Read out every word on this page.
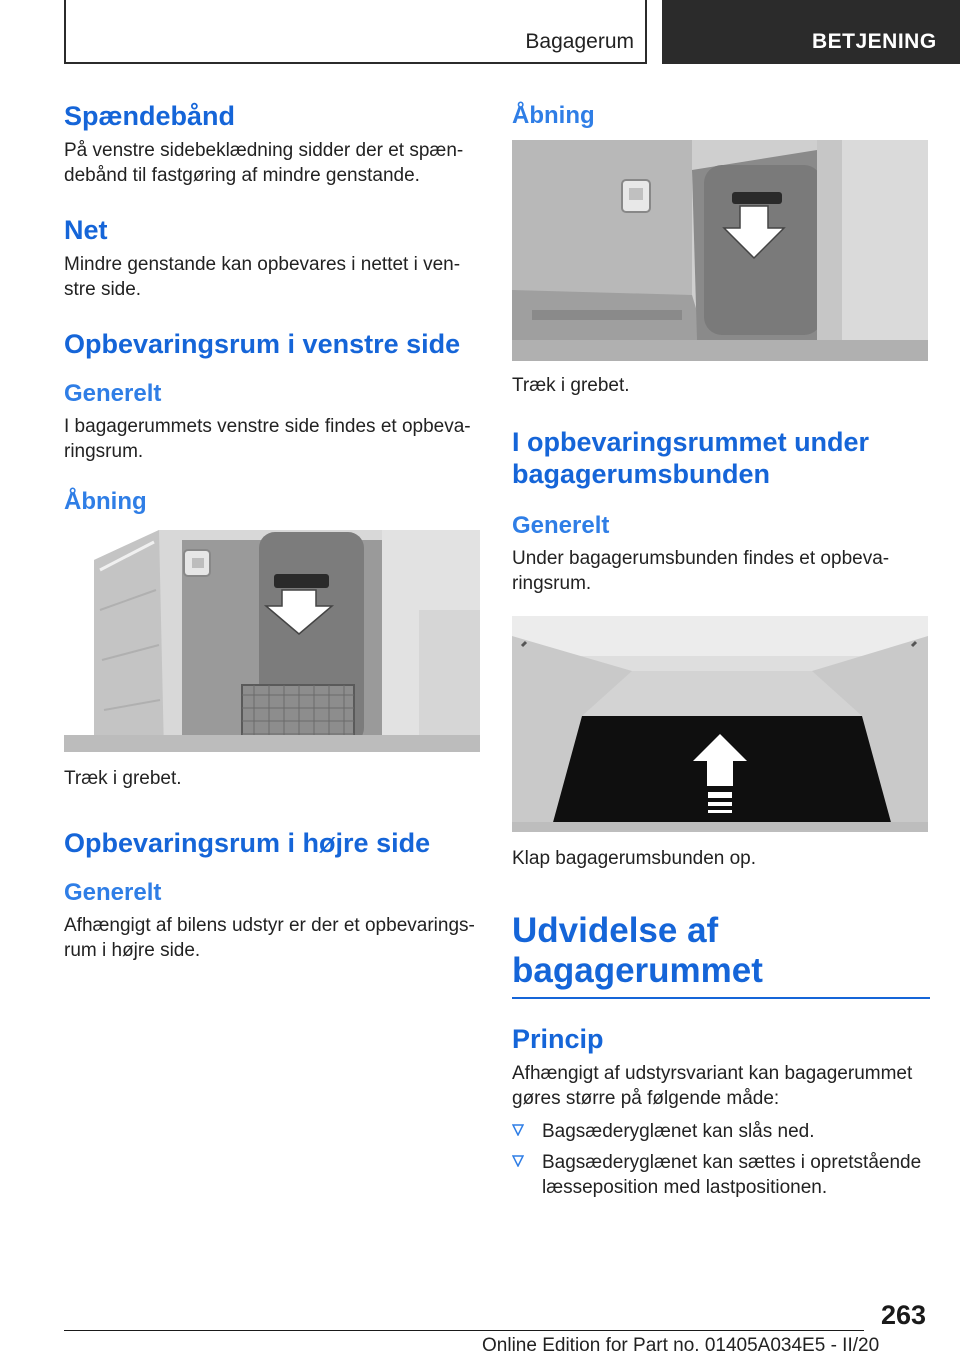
Bagagerum	BETJENING
Spændebånd

På venstre sidebeklædning sidder der et spæn-debånd til fastgøring af mindre genstande.

Net

Mindre genstande kan opbevares i nettet i ven-stre side.

Opbevaringsrum i venstre side
Generelt

I bagagerummets venstre side findes et opbeva-ringsrum.

Åbning
Træk i grebet.
Opbevaringsrum i højre side
Generelt

Afhængigt af bilens udstyr er der et opbevarings-rum i højre side.

Åbning
Træk i grebet.
I opbevaringsrummet under bagagerumsbunden
Generelt

Under bagagerumsbunden findes et opbeva-ringsrum.

Klap bagagerumsbunden op.
Udvidelse af bagagerummet
Princip

Afhængigt af udstyrsvariant kan bagagerummet gøres større på følgende måde:

Bagsæderyglænet kan slås ned.
Bagsæderyglænet kan sættes i opretstående læsseposition med lastpositionen.
263
Online Edition for Part no. 01405A034E5 - II/20
